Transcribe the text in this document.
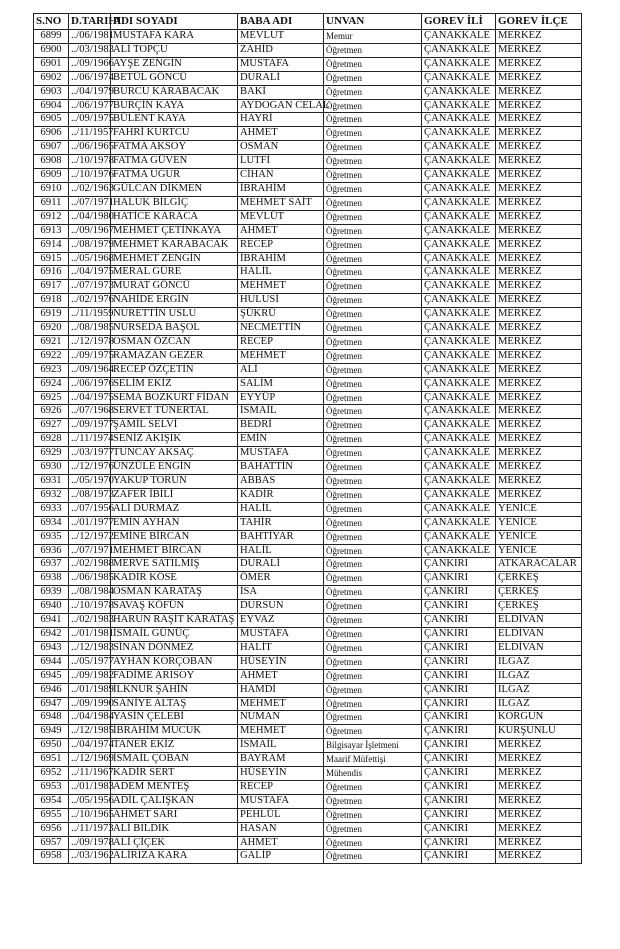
S.NO	D.TARIHI	ADI SOYADI	BABA ADI	UNVAN	GOREV İLİ	GOREV İLÇE
6899	../06/1981	MUSTAFA KARA	MEVLUT	Memur	ÇANAKKALE	MERKEZ
6900	../03/1983	ALİ TOPÇU	ZAHİD	Öğretmen	ÇANAKKALE	MERKEZ
6901	../09/1966	AYŞE ZENGİN	MUSTAFA	Öğretmen	ÇANAKKALE	MERKEZ
6902	../06/1974	BETÜL GÖNCÜ	DURALİ	Öğretmen	ÇANAKKALE	MERKEZ
6903	../04/1979	BURCU KARABACAK	BAKİ	Öğretmen	ÇANAKKALE	MERKEZ
6904	../06/1977	BURÇİN KAYA	AYDOĞAN CELAL	Öğretmen	ÇANAKKALE	MERKEZ
6905	../09/1975	BÜLENT KAYA	HAYRİ	Öğretmen	ÇANAKKALE	MERKEZ
6906	../11/1957	FAHRİ KURTCU	AHMET	Öğretmen	ÇANAKKALE	MERKEZ
6907	../06/1965	FATMA AKSOY	OSMAN	Öğretmen	ÇANAKKALE	MERKEZ
6908	../10/1978	FATMA GÜVEN	LUTFİ	Öğretmen	ÇANAKKALE	MERKEZ
6909	../10/1976	FATMA UĞUR	CİHAN	Öğretmen	ÇANAKKALE	MERKEZ
6910	../02/1963	GÜLCAN DİKMEN	İBRAHİM	Öğretmen	ÇANAKKALE	MERKEZ
6911	../07/1971	HALUK BİLGİÇ	MEHMET SAİT	Öğretmen	ÇANAKKALE	MERKEZ
6912	../04/1980	HATİCE KARACA	MEVLÜT	Öğretmen	ÇANAKKALE	MERKEZ
6913	../09/1967	MEHMET ÇETİNKAYA	AHMET	Öğretmen	ÇANAKKALE	MERKEZ
6914	../08/1979	MEHMET KARABACAK	RECEP	Öğretmen	ÇANAKKALE	MERKEZ
6915	../05/1968	MEHMET ZENGİN	İBRAHİM	Öğretmen	ÇANAKKALE	MERKEZ
6916	../04/1975	MERAL GÜRE	HALİL	Öğretmen	ÇANAKKALE	MERKEZ
6917	../07/1973	MURAT GÖNCÜ	MEHMET	Öğretmen	ÇANAKKALE	MERKEZ
6918	../02/1976	NAHİDE ERGİN	HULUSİ	Öğretmen	ÇANAKKALE	MERKEZ
6919	../11/1959	NURETTİN USLU	ŞÜKRÜ	Öğretmen	ÇANAKKALE	MERKEZ
6920	../08/1985	NURSEDA BAŞOL	NECMETTİN	Öğretmen	ÇANAKKALE	MERKEZ
6921	../12/1978	OSMAN ÖZCAN	RECEP	Öğretmen	ÇANAKKALE	MERKEZ
6922	../09/1975	RAMAZAN GEZER	MEHMET	Öğretmen	ÇANAKKALE	MERKEZ
6923	../09/1964	RECEP ÖZÇETİN	ALİ	Öğretmen	ÇANAKKALE	MERKEZ
6924	../06/1976	SELİM EKİZ	SALİM	Öğretmen	ÇANAKKALE	MERKEZ
6925	../04/1975	SEMA BOZKURT FİDAN	EYYÜP	Öğretmen	ÇANAKKALE	MERKEZ
6926	../07/1968	SERVET TÜNERTAL	İSMAİL	Öğretmen	ÇANAKKALE	MERKEZ
6927	../09/1977	ŞAMİL SELVİ	BEDRİ	Öğretmen	ÇANAKKALE	MERKEZ
6928	../11/1974	SENİZ AKIŞIK	EMİN	Öğretmen	ÇANAKKALE	MERKEZ
6929	../03/1977	TUNCAY AKSAÇ	MUSTAFA	Öğretmen	ÇANAKKALE	MERKEZ
6930	../12/1976	ÜNZÜLE ENGİN	BAHATTİN	Öğretmen	ÇANAKKALE	MERKEZ
6931	../05/1970	YAKUP TORUN	ABBAS	Öğretmen	ÇANAKKALE	MERKEZ
6932	../08/1973	ZAFER İBİLİ	KADİR	Öğretmen	ÇANAKKALE	MERKEZ
6933	../07/1956	ALİ DURMAZ	HALİL	Öğretmen	ÇANAKKALE	YENİCE
6934	../01/1977	EMİN AYHAN	TAHİR	Öğretmen	ÇANAKKALE	YENİCE
6935	../12/1972	EMİNE BİRCAN	BAHTİYAR	Öğretmen	ÇANAKKALE	YENİCE
6936	../07/1971	MEHMET BİRCAN	HALİL	Öğretmen	ÇANAKKALE	YENİCE
6937	../02/1988	MERVE SATILMIŞ	DURALİ	Öğretmen	ÇANKIRI	ATKARACALAR
6938	../06/1985	KADİR KÖSE	ÖMER	Öğretmen	ÇANKIRI	ÇERKEŞ
6939	../08/1984	OSMAN KARATAŞ	İSA	Öğretmen	ÇANKIRI	ÇERKEŞ
6940	../10/1978	SAVAŞ KÖFÜN	DURSUN	Öğretmen	ÇANKIRI	ÇERKEŞ
6941	../02/1983	HARUN RAŞİT KARATAŞ	EYVAZ	Öğretmen	ÇANKIRI	ELDİVAN
6942	../01/1981	İSMAİL GÜNÜÇ	MUSTAFA	Öğretmen	ÇANKIRI	ELDİVAN
6943	../12/1983	SİNAN DÖNMEZ	HALİT	Öğretmen	ÇANKIRI	ELDİVAN
6944	../05/1977	AYHAN KORÇOBAN	HÜSEYİN	Öğretmen	ÇANKIRI	ILGAZ
6945	../09/1982	FADİME ARISOY	AHMET	Öğretmen	ÇANKIRI	ILGAZ
6946	../01/1989	İLKNUR ŞAHİN	HAMDİ	Öğretmen	ÇANKIRI	ILGAZ
6947	../09/1990	SANİYE ALTAŞ	MEHMET	Öğretmen	ÇANKIRI	ILGAZ
6948	../04/1984	YASİN ÇELEBİ	NUMAN	Öğretmen	ÇANKIRI	KORGUN
6949	../12/1985	İBRAHİM MUCUK	MEHMET	Öğretmen	ÇANKIRI	KURŞUNLU
6950	../04/1974	TANER EKİZ	İSMAİL	Bilgisayar İşletmeni	ÇANKIRI	MERKEZ
6951	../12/1969	İSMAİL ÇOBAN	BAYRAM	Maarif Müfettişi	ÇANKIRI	MERKEZ
6952	../11/1967	KADİR SERT	HÜSEYİN	Mühendis	ÇANKIRI	MERKEZ
6953	../01/1983	ADEM MENTEŞ	RECEP	Öğretmen	ÇANKIRI	MERKEZ
6954	../05/1956	ADİL ÇALIŞKAN	MUSTAFA	Öğretmen	ÇANKIRI	MERKEZ
6955	../10/1965	AHMET SARI	PEHLÜL	Öğretmen	ÇANKIRI	MERKEZ
6956	../11/1973	ALİ BILDIK	HASAN	Öğretmen	ÇANKIRI	MERKEZ
6957	../09/1978	ALİ ÇİÇEK	AHMET	Öğretmen	ÇANKIRI	MERKEZ
6958	../03/1962	ALİRIZA KARA	GALİP	Öğretmen	ÇANKIRI	MERKEZ
